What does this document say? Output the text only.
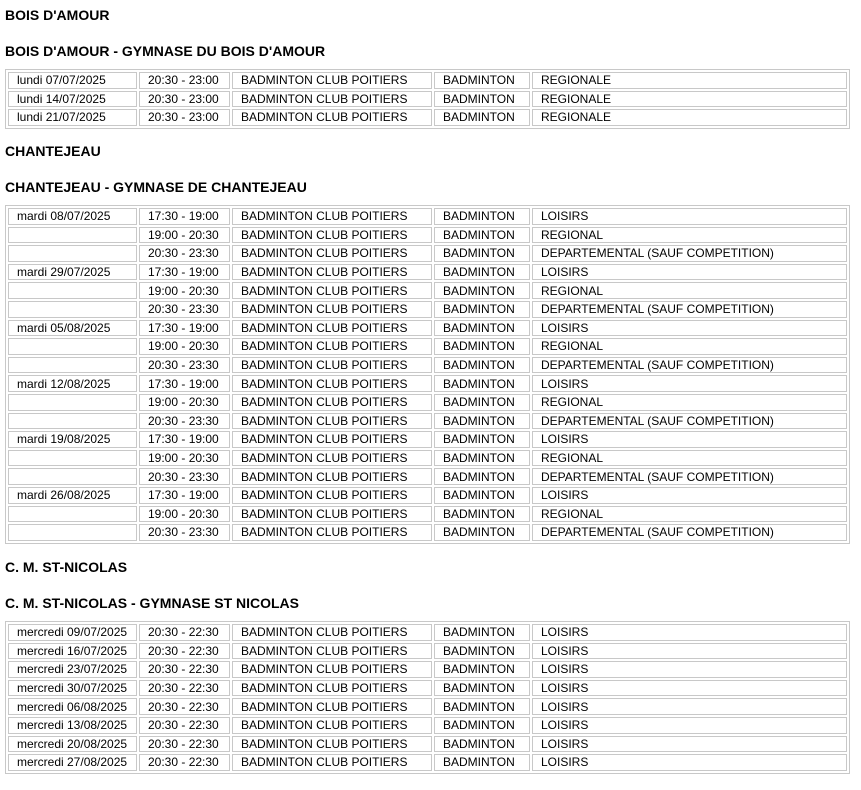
BOIS D'AMOUR
BOIS D'AMOUR - GYMNASE DU BOIS D'AMOUR
lundi 07/07/2025	20:30 - 23:00	BADMINTON CLUB POITIERS	BADMINTON	REGIONALE
lundi 14/07/2025	20:30 - 23:00	BADMINTON CLUB POITIERS	BADMINTON	REGIONALE
lundi 21/07/2025	20:30 - 23:00	BADMINTON CLUB POITIERS	BADMINTON	REGIONALE
CHANTEJEAU
CHANTEJEAU - GYMNASE DE CHANTEJEAU
mardi 08/07/2025	17:30 - 19:00	BADMINTON CLUB POITIERS	BADMINTON	LOISIRS
	19:00 - 20:30	BADMINTON CLUB POITIERS	BADMINTON	REGIONAL
	20:30 - 23:30	BADMINTON CLUB POITIERS	BADMINTON	DEPARTEMENTAL (SAUF COMPETITION)
mardi 29/07/2025	17:30 - 19:00	BADMINTON CLUB POITIERS	BADMINTON	LOISIRS
	19:00 - 20:30	BADMINTON CLUB POITIERS	BADMINTON	REGIONAL
	20:30 - 23:30	BADMINTON CLUB POITIERS	BADMINTON	DEPARTEMENTAL (SAUF COMPETITION)
mardi 05/08/2025	17:30 - 19:00	BADMINTON CLUB POITIERS	BADMINTON	LOISIRS
	19:00 - 20:30	BADMINTON CLUB POITIERS	BADMINTON	REGIONAL
	20:30 - 23:30	BADMINTON CLUB POITIERS	BADMINTON	DEPARTEMENTAL (SAUF COMPETITION)
mardi 12/08/2025	17:30 - 19:00	BADMINTON CLUB POITIERS	BADMINTON	LOISIRS
	19:00 - 20:30	BADMINTON CLUB POITIERS	BADMINTON	REGIONAL
	20:30 - 23:30	BADMINTON CLUB POITIERS	BADMINTON	DEPARTEMENTAL (SAUF COMPETITION)
mardi 19/08/2025	17:30 - 19:00	BADMINTON CLUB POITIERS	BADMINTON	LOISIRS
	19:00 - 20:30	BADMINTON CLUB POITIERS	BADMINTON	REGIONAL
	20:30 - 23:30	BADMINTON CLUB POITIERS	BADMINTON	DEPARTEMENTAL (SAUF COMPETITION)
mardi 26/08/2025	17:30 - 19:00	BADMINTON CLUB POITIERS	BADMINTON	LOISIRS
	19:00 - 20:30	BADMINTON CLUB POITIERS	BADMINTON	REGIONAL
	20:30 - 23:30	BADMINTON CLUB POITIERS	BADMINTON	DEPARTEMENTAL (SAUF COMPETITION)
C. M. ST-NICOLAS
C. M. ST-NICOLAS - GYMNASE ST NICOLAS
mercredi 09/07/2025	20:30 - 22:30	BADMINTON CLUB POITIERS	BADMINTON	LOISIRS
mercredi 16/07/2025	20:30 - 22:30	BADMINTON CLUB POITIERS	BADMINTON	LOISIRS
mercredi 23/07/2025	20:30 - 22:30	BADMINTON CLUB POITIERS	BADMINTON	LOISIRS
mercredi 30/07/2025	20:30 - 22:30	BADMINTON CLUB POITIERS	BADMINTON	LOISIRS
mercredi 06/08/2025	20:30 - 22:30	BADMINTON CLUB POITIERS	BADMINTON	LOISIRS
mercredi 13/08/2025	20:30 - 22:30	BADMINTON CLUB POITIERS	BADMINTON	LOISIRS
mercredi 20/08/2025	20:30 - 22:30	BADMINTON CLUB POITIERS	BADMINTON	LOISIRS
mercredi 27/08/2025	20:30 - 22:30	BADMINTON CLUB POITIERS	BADMINTON	LOISIRS
